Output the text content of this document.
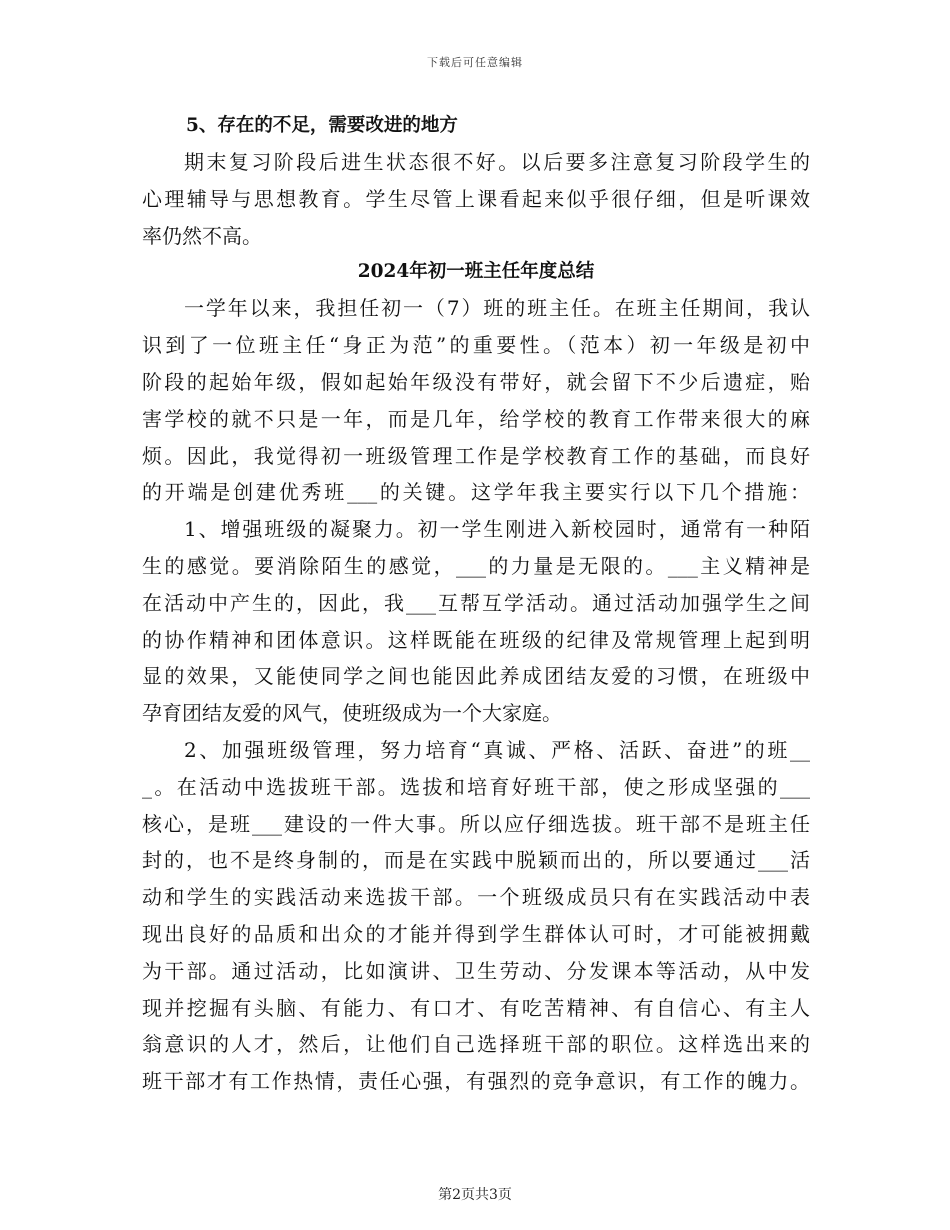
下载后可任意编辑
5、存在的不足，需要改进的地方
期末复习阶段后进生状态很不好。以后要多注意复习阶段学生的
心理辅导与思想教育。学生尽管上课看起来似乎很仔细，但是听课效
率仍然不高。
2024年初一班主任年度总结
一学年以来，我担任初一（7）班的班主任。在班主任期间，我认
识到了一位班主任“身正为范”的重要性。（范本）初一年级是初中
阶段的起始年级，假如起始年级没有带好，就会留下不少后遗症，贻
害学校的就不只是一年，而是几年，给学校的教育工作带来很大的麻
烦。因此，我觉得初一班级管理工作是学校教育工作的基础，而良好
的开端是创建优秀班___的关键。这学年我主要实行以下几个措施：
1、增强班级的凝聚力。初一学生刚进入新校园时，通常有一种陌
生的感觉。要消除陌生的感觉，___的力量是无限的。___主义精神是
在活动中产生的，因此，我___互帮互学活动。通过活动加强学生之间
的协作精神和团体意识。这样既能在班级的纪律及常规管理上起到明
显的效果，又能使同学之间也能因此养成团结友爱的习惯，在班级中
孕育团结友爱的风气，使班级成为一个大家庭。
2、加强班级管理，努力培育“真诚、严格、活跃、奋进”的班__
_。在活动中选拔班干部。选拔和培育好班干部，使之形成坚强的___
核心，是班___建设的一件大事。所以应仔细选拔。班干部不是班主任
封的，也不是终身制的，而是在实践中脱颖而出的，所以要通过___活
动和学生的实践活动来选拔干部。一个班级成员只有在实践活动中表
现出良好的品质和出众的才能并得到学生群体认可时，才可能被拥戴
为干部。通过活动，比如演讲、卫生劳动、分发课本等活动，从中发
现并挖掘有头脑、有能力、有口才、有吃苦精神、有自信心、有主人
翁意识的人才，然后，让他们自己选择班干部的职位。这样选出来的
班干部才有工作热情，责任心强，有强烈的竞争意识，有工作的魄力。
第2页共3页
